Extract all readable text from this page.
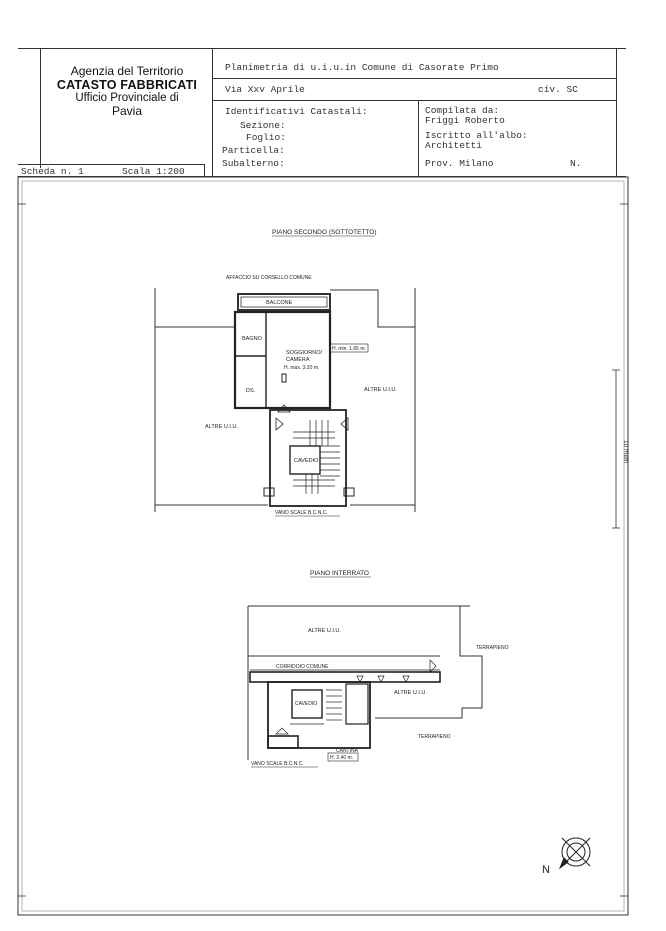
Agenzia del Territorio
CATASTO FABBRICATI
Ufficio Provinciale di
Pavia
Planimetria di u.i.u.in Comune di Casorate Primo
Via Xxv Aprile	civ. SC
Identificativi Catastali:
Sezione:
Foglio:
Particella:
Subalterno:
Compilata da:
Friggi Roberto
Iscritto all'albo:
Architetti
Prov. Milano	N.
Scheda n. 1	Scala 1:200
PIANO SECONDO (SOTTOTETTO)
AFFACCIO SU CORSELLO COMUNE
BALCONE
BAGNO
SOGGIORNO/
CAMERA
H. max. 3.20 m.
H. min. 1.65 m.
DS.	ALTRE U.I.U.
ALTRE U.I.U.
CAVEDIO
VANO SCALE B.C.N.C.
PIANO INTERRATO
ALTRE U.I.U.
TERRAPIENO
CORRIDOIO COMUNE
ALTRE U.I.U.
CAVEDIO
TERRAPIENO
CANTINA
H. 2.40 m.
VANO SCALE B.C.N.C.
10 metri
N
